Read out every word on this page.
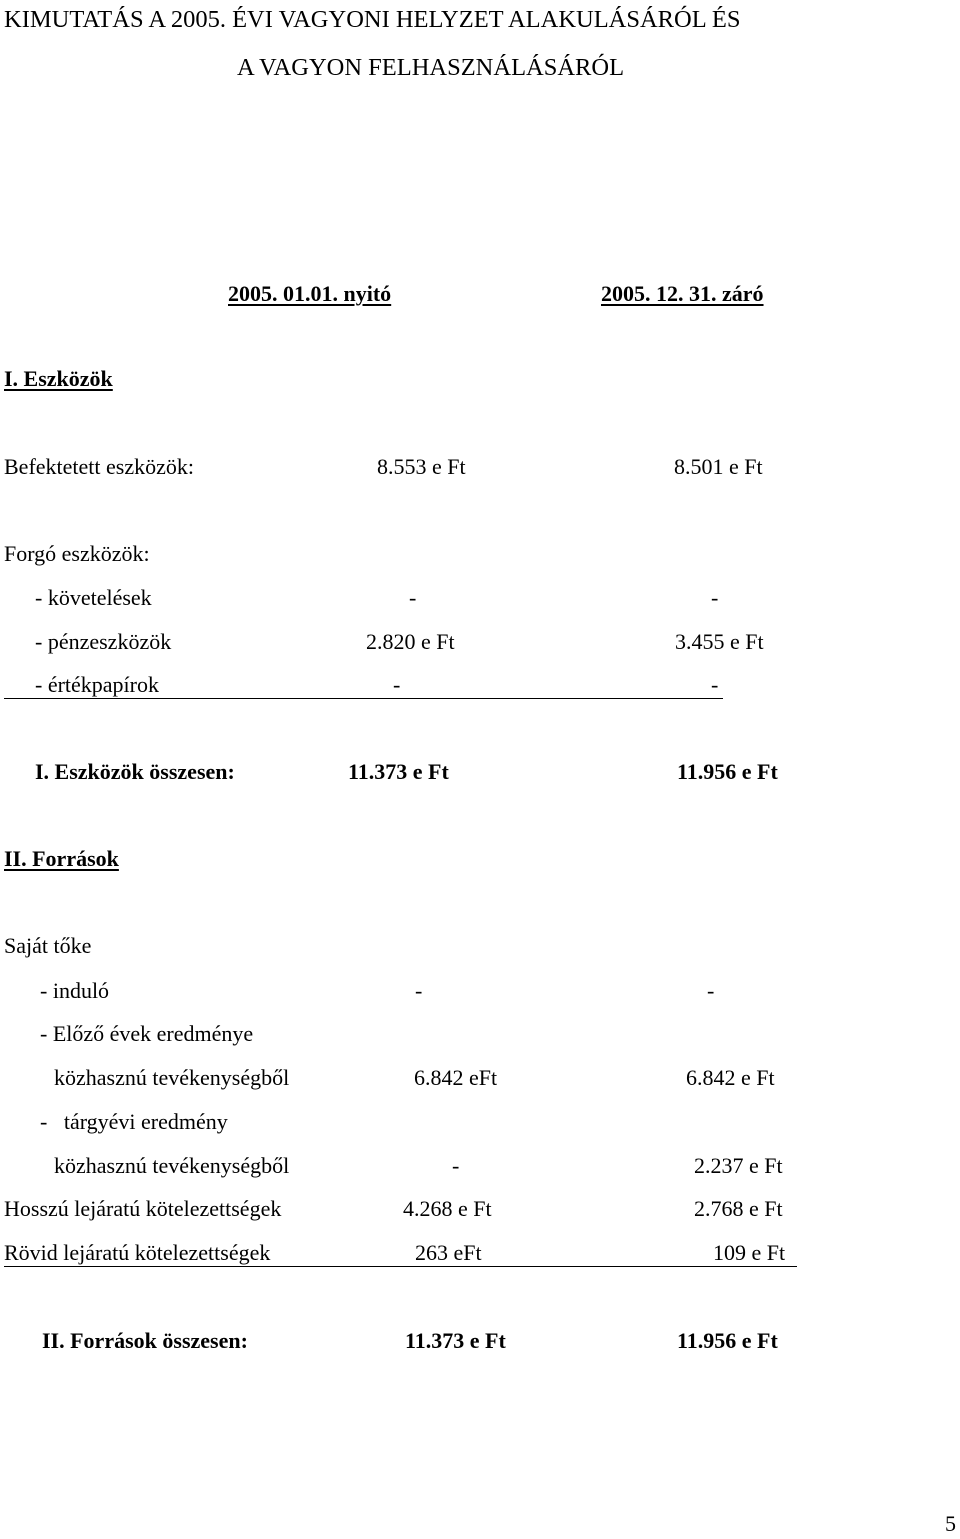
KIMUTATÁS A 2005. ÉVI VAGYONI HELYZET ALAKULÁSÁRÓL ÉS
A VAGYON FELHASZNÁLÁSÁRÓL
2005. 01.01. nyitó	2005. 12. 31. záró
I. Eszközök
Befektetett eszközök:	8.553 e Ft	8.501 e Ft
Forgó eszközök:
- követelések	-	-
- pénzeszközök	2.820 e Ft	3.455 e Ft
- értékpapírok	-	-
I. Eszközök összesen:	11.373 e Ft	11.956 e Ft
II. Források
Saját tőke
- induló	-	-
- Előző évek eredménye
közhasznú tevékenységből	6.842 eFt	6.842 e Ft
-   tárgyévi eredmény
közhasznú tevékenységből	-	2.237 e Ft
Hosszú lejáratú kötelezettségek	4.268 e Ft	2.768 e Ft
Rövid lejáratú kötelezettségek	263 eFt	109 e Ft
II. Források összesen:	11.373 e Ft	11.956 e Ft
5
